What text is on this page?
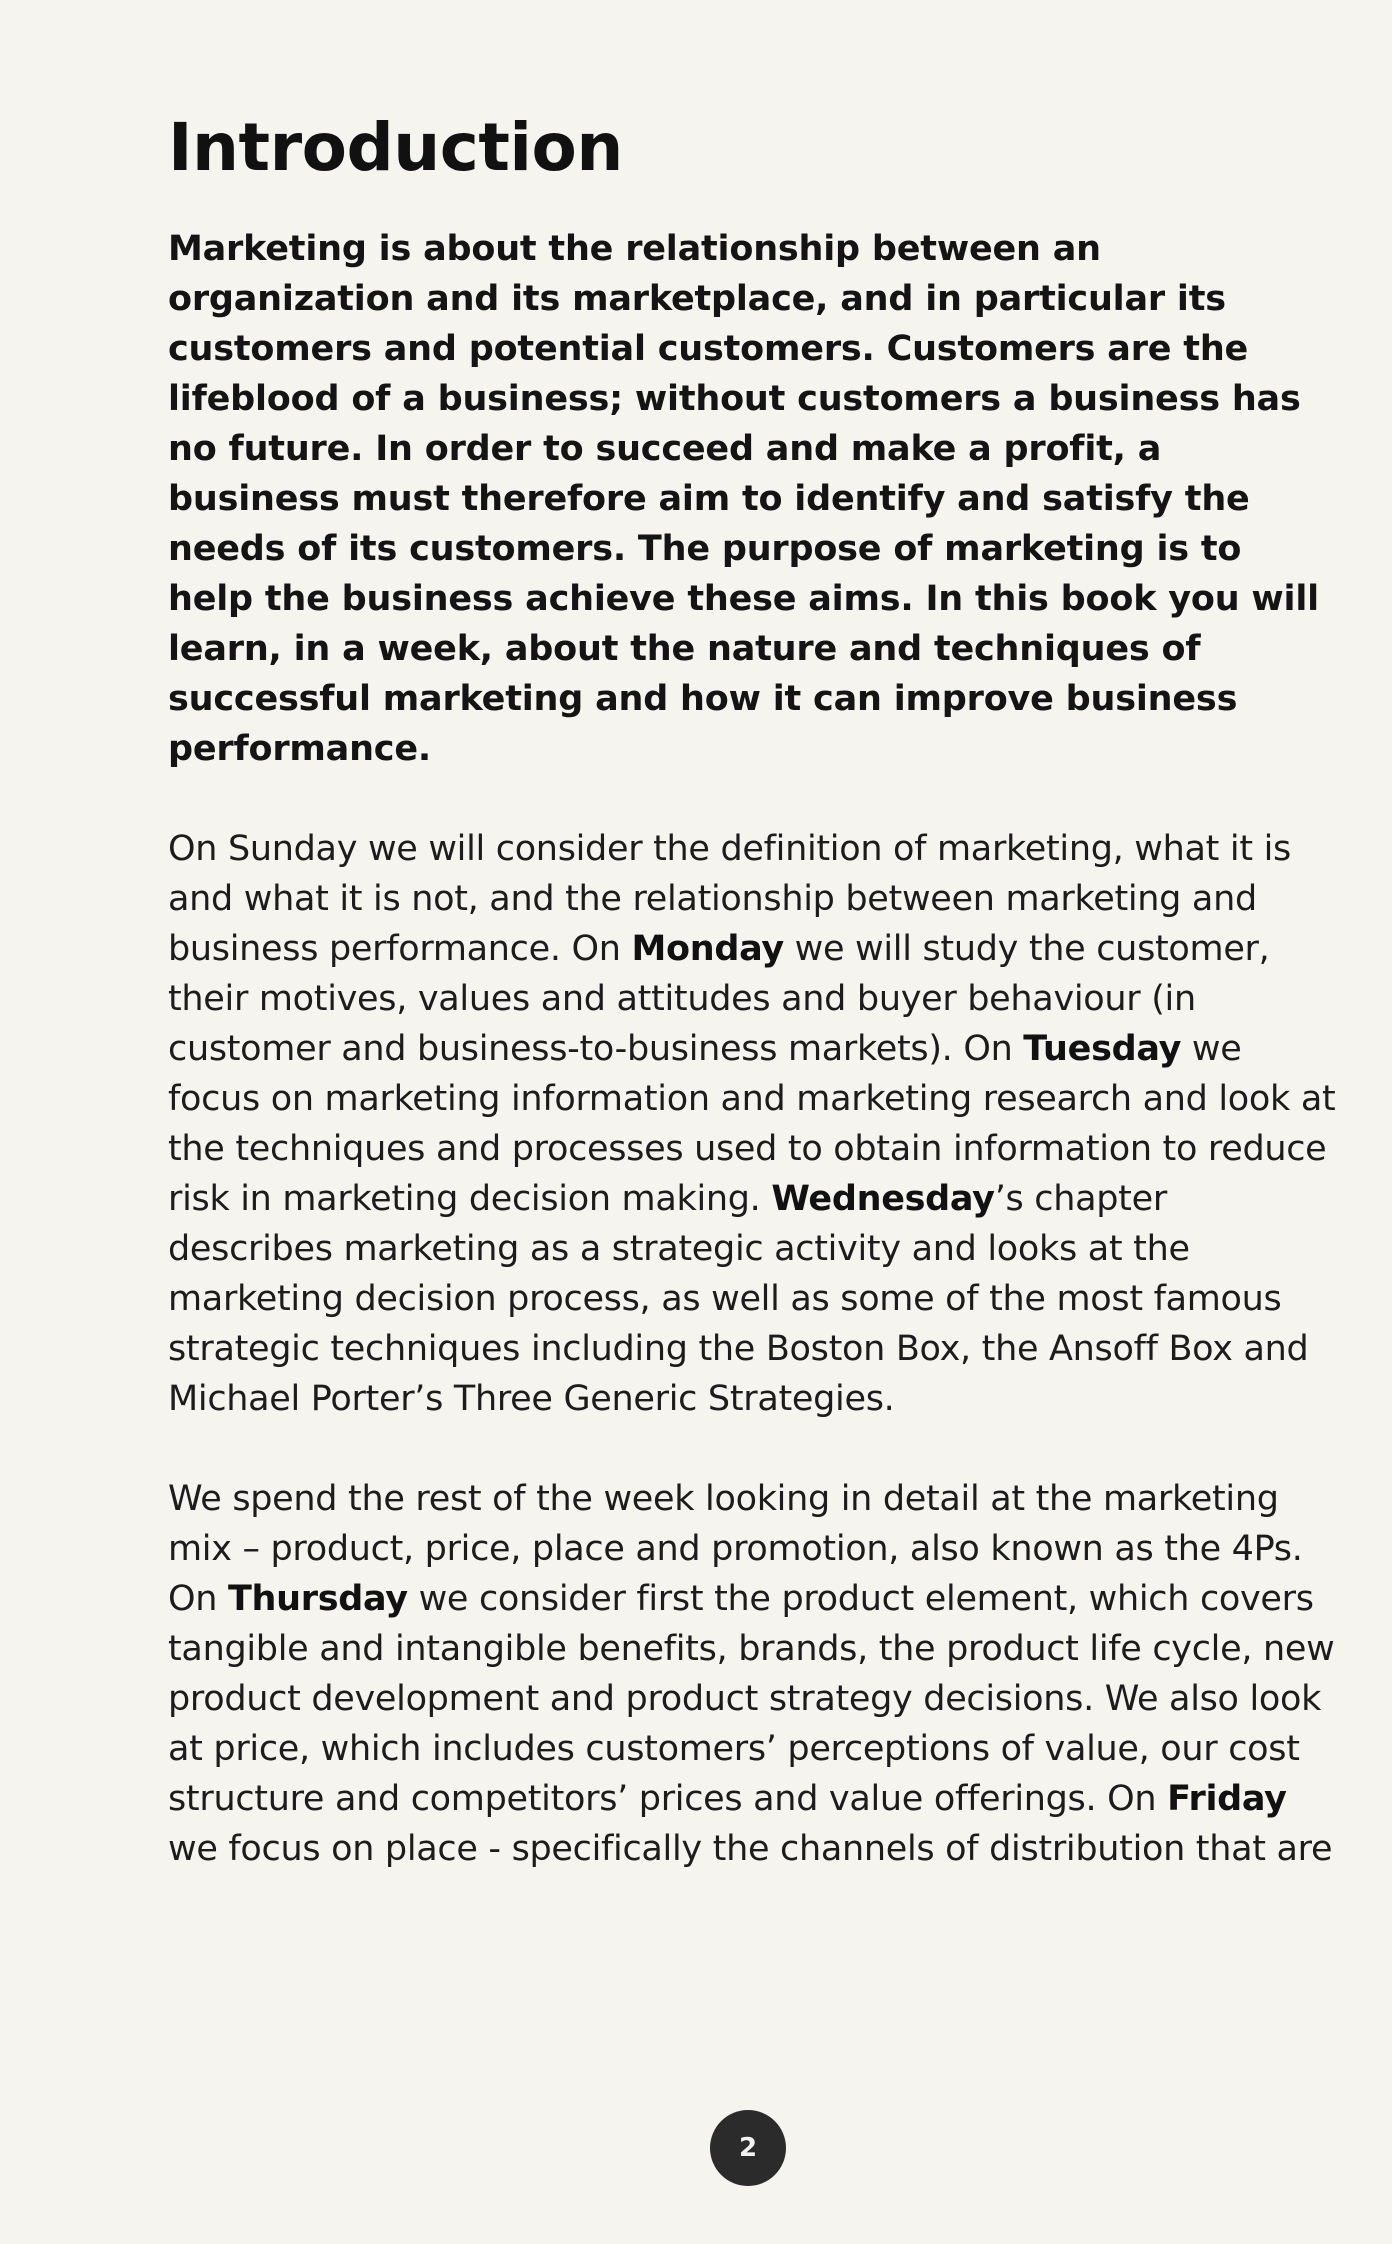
Introduction

Marketing is about the relationship between an organization and its marketplace, and in particular its customers and potential customers. Customers are the lifeblood of a business; without customers a business has no future. In order to succeed and make a profit, a business must therefore aim to identify and satisfy the needs of its customers. The purpose of marketing is to help the business achieve these aims. In this book you will learn, in a week, about the nature and techniques of successful marketing and how it can improve business performance.

On Sunday we will consider the definition of marketing, what it is and what it is not, and the relationship between marketing and business performance. On Monday we will study the customer, their motives, values and attitudes and buyer behaviour (in customer and business-to-business markets). On Tuesday we focus on marketing information and marketing research and look at the techniques and processes used to obtain information to reduce risk in marketing decision making. Wednesday’s chapter describes marketing as a strategic activity and looks at the marketing decision process, as well as some of the most famous strategic techniques including the Boston Box, the Ansoff Box and Michael Porter’s Three Generic Strategies.

We spend the rest of the week looking in detail at the marketing mix – product, price, place and promotion, also known as the 4Ps. On Thursday we consider first the product element, which covers tangible and intangible benefits, brands, the product life cycle, new product development and product strategy decisions. We also look at price, which includes customers’ perceptions of value, our cost structure and competitors’ prices and value offerings. On Friday we focus on place - specifically the channels of distribution that are

2
